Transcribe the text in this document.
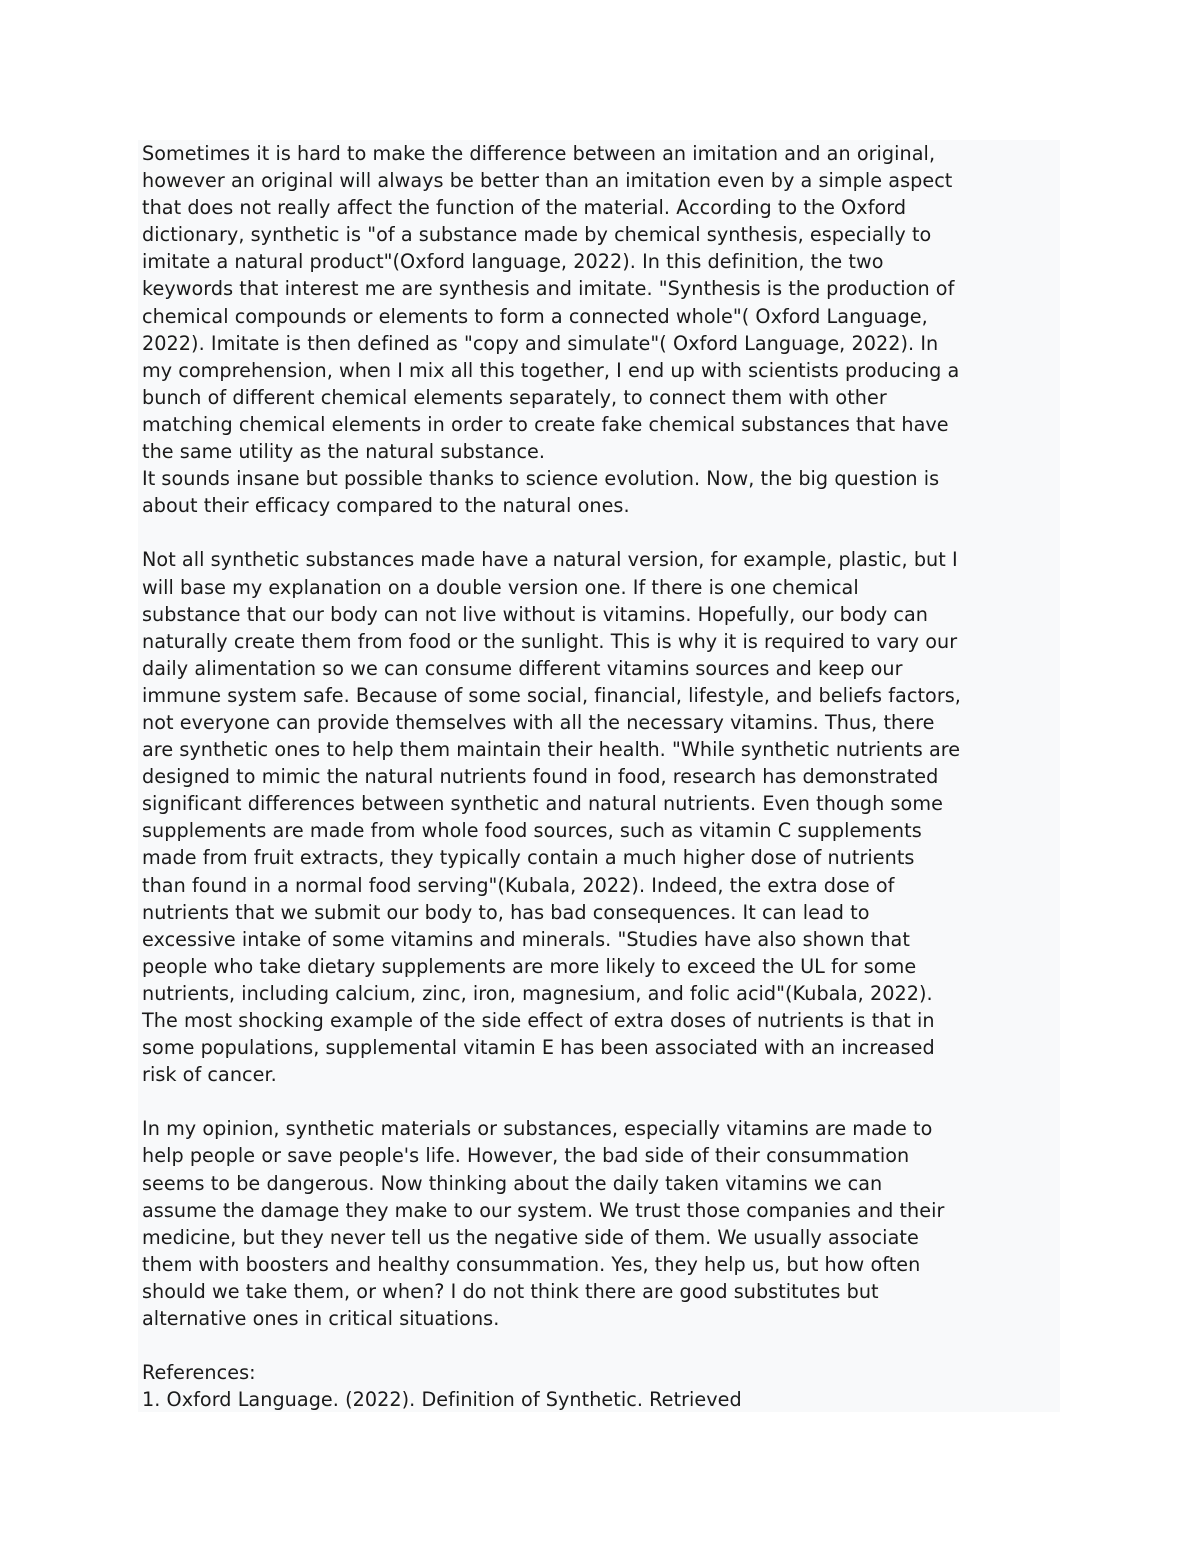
Sometimes it is hard to make the difference between an imitation and an original,
however an original will always be better than an imitation even by a simple aspect
that does not really affect the function of the material. According to the Oxford
dictionary, synthetic is "of a substance made by chemical synthesis, especially to
imitate a natural product"(Oxford language, 2022). In this definition, the two
keywords that interest me are synthesis and imitate. "Synthesis is the production of
chemical compounds or elements to form a connected whole"( Oxford Language,
2022). Imitate is then defined as "copy and simulate"( Oxford Language, 2022). In
my comprehension, when I mix all this together, I end up with scientists producing a
bunch of different chemical elements separately, to connect them with other
matching chemical elements in order to create fake chemical substances that have
the same utility as the natural substance.
It sounds insane but possible thanks to science evolution. Now, the big question is
about their efficacy compared to the natural ones.
Not all synthetic substances made have a natural version, for example, plastic, but I
will base my explanation on a double version one. If there is one chemical
substance that our body can not live without is vitamins. Hopefully, our body can
naturally create them from food or the sunlight. This is why it is required to vary our
daily alimentation so we can consume different vitamins sources and keep our
immune system safe. Because of some social, financial, lifestyle, and beliefs factors,
not everyone can provide themselves with all the necessary vitamins. Thus, there
are synthetic ones to help them maintain their health. "While synthetic nutrients are
designed to mimic the natural nutrients found in food, research has demonstrated
significant differences between synthetic and natural nutrients. Even though some
supplements are made from whole food sources, such as vitamin C supplements
made from fruit extracts, they typically contain a much higher dose of nutrients
than found in a normal food serving"(Kubala, 2022). Indeed, the extra dose of
nutrients that we submit our body to, has bad consequences. It can lead to
excessive intake of some vitamins and minerals. "Studies have also shown that
people who take dietary supplements are more likely to exceed the UL for some
nutrients, including calcium, zinc, iron, magnesium, and folic acid"(Kubala, 2022).
The most shocking example of the side effect of extra doses of nutrients is that in
some populations, supplemental vitamin E has been associated with an increased
risk of cancer.
In my opinion, synthetic materials or substances, especially vitamins are made to
help people or save people's life. However, the bad side of their consummation
seems to be dangerous. Now thinking about the daily taken vitamins we can
assume the damage they make to our system. We trust those companies and their
medicine, but they never tell us the negative side of them. We usually associate
them with boosters and healthy consummation. Yes, they help us, but how often
should we take them, or when? I do not think there are good substitutes but
alternative ones in critical situations.
References:
1. Oxford Language. (2022). Definition of Synthetic. Retrieved
